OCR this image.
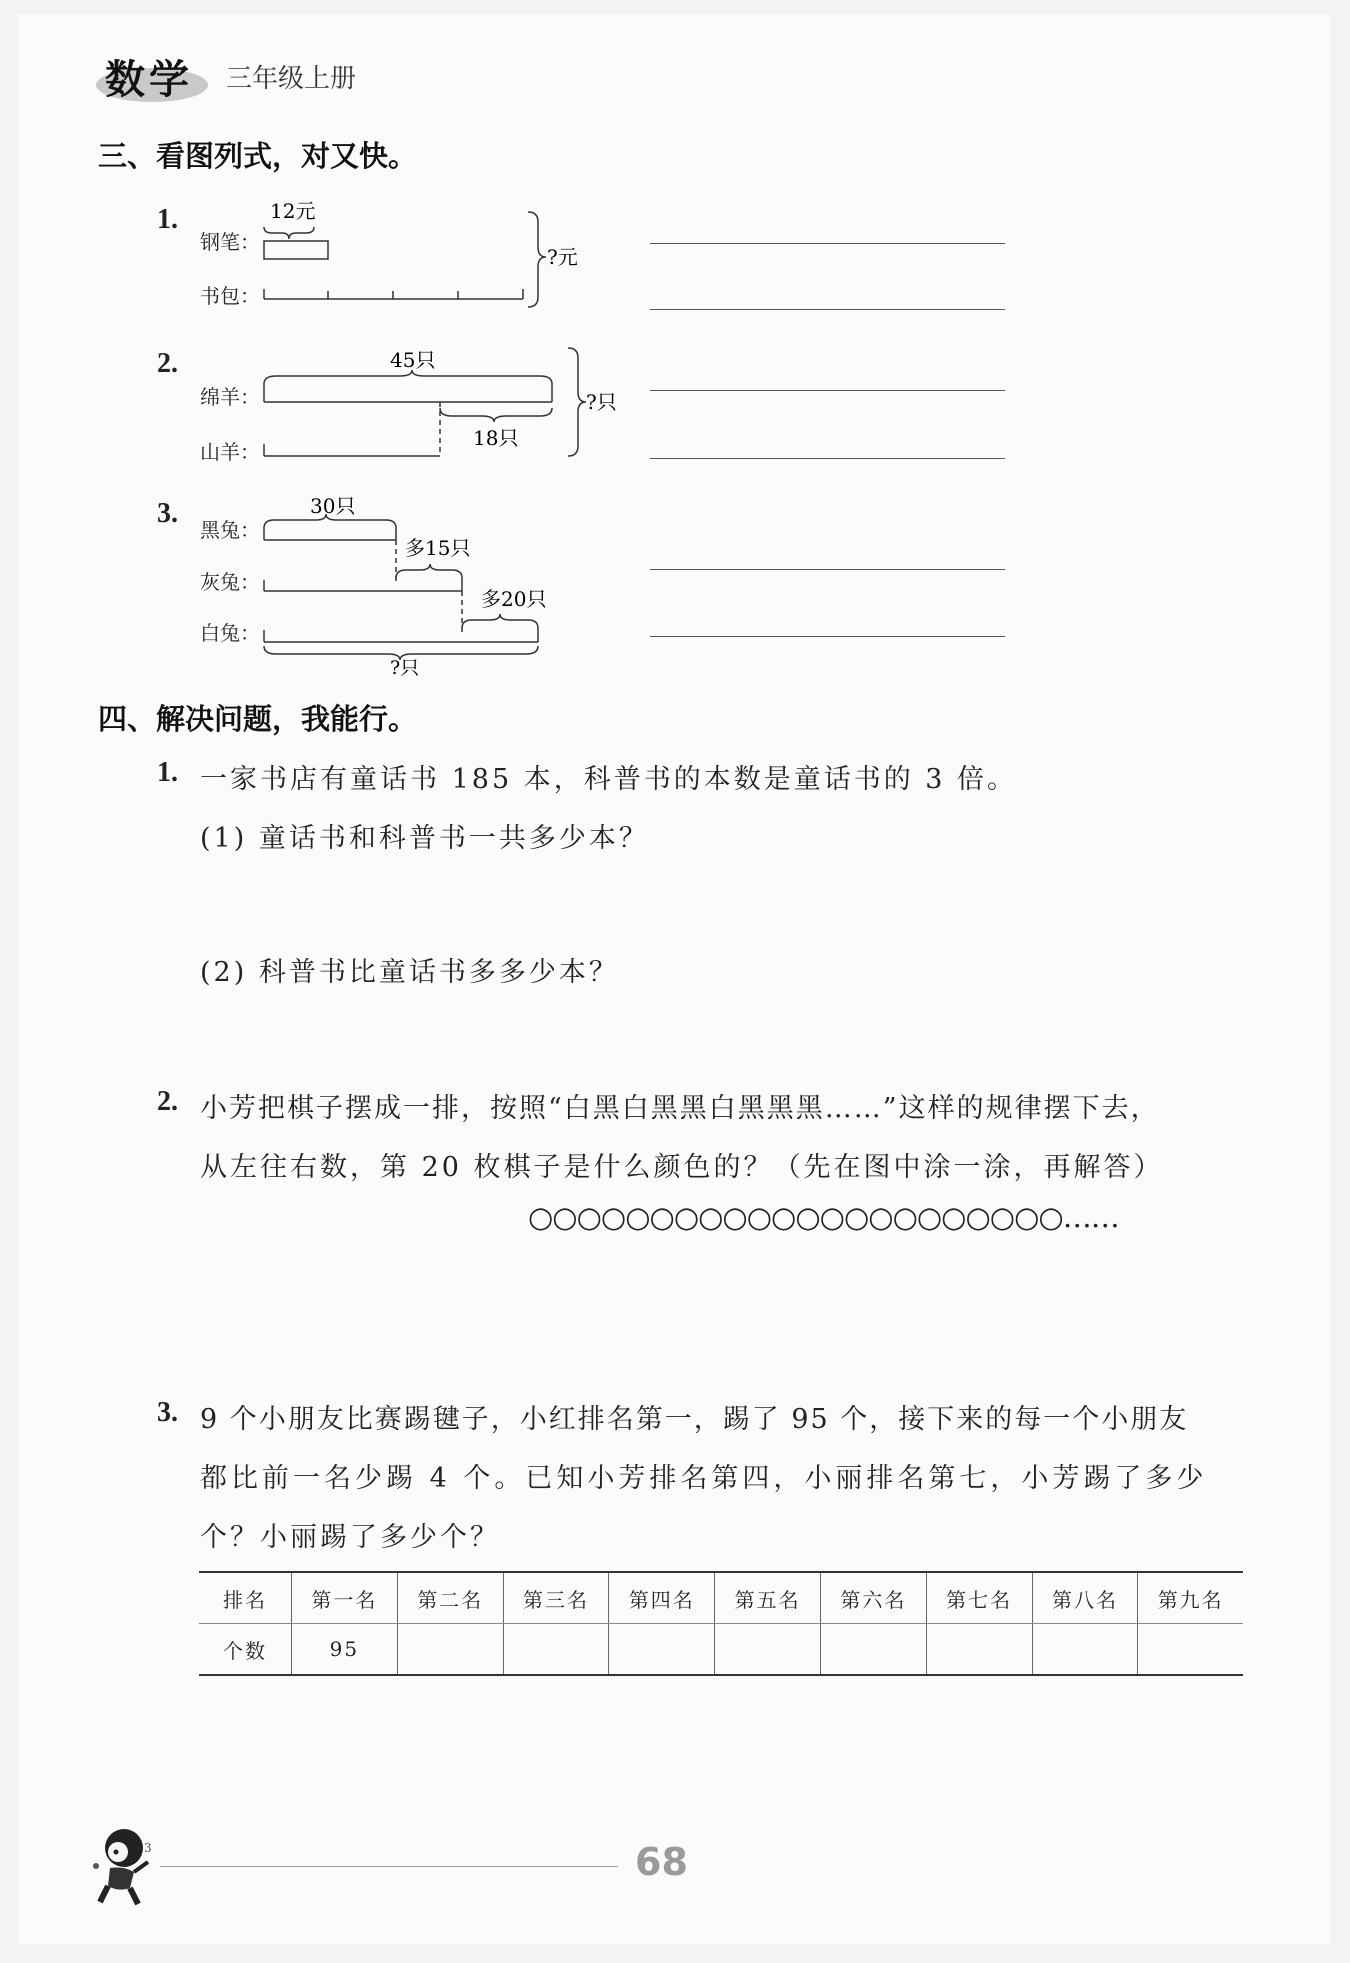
数学 三年级上册
三、看图列式，对又快。
1.
钢笔：
书包：
12元
?元
2.
绵羊：
山羊：
45只
18只
?只
3.
黑兔：
灰兔：
白兔：
30只
多15只
多20只
?只
四、解决问题，我能行。
1. 一家书店有童话书 185 本，科普书的本数是童话书的 3 倍。
(1) 童话书和科普书一共多少本？
(2) 科普书比童话书多多少本？
2. 小芳把棋子摆成一排，按照“白黑白黑黑白黑黑黑……”这样的规律摆下去，
从左往右数，第 20 枚棋子是什么颜色的？（先在图中涂一涂，再解答）
○○○○○○○○○○○○○○○○○○○○○○……
3. 9 个小朋友比赛踢毽子，小红排名第一，踢了 95 个，接下来的每一个小朋友
都比前一名少踢 4 个。已知小芳排名第四，小丽排名第七，小芳踢了多少
个？小丽踢了多少个？
排名	第一名	第二名	第三名	第四名	第五名	第六名	第七名	第八名	第九名
个数	95								
3	68
